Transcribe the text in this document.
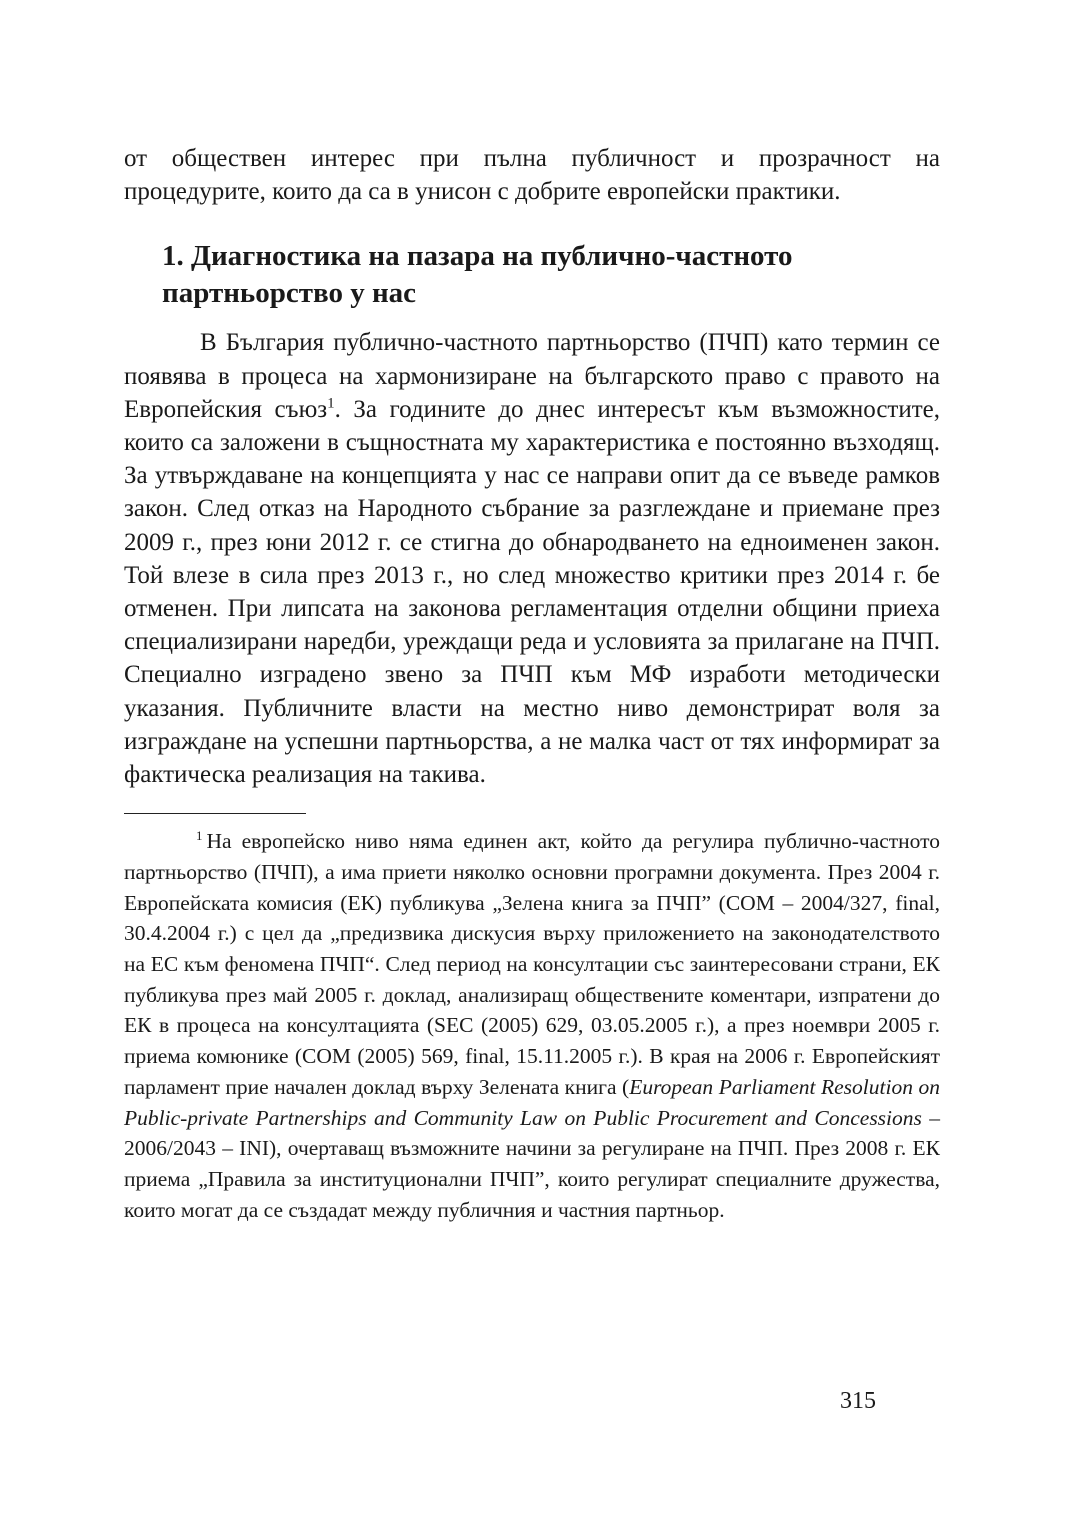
от обществен интерес при пълна публичност и прозрачност на процедурите, които да са в унисон с добрите европейски практики.

1. Диагностика на пазара на публично-частното партньорство у нас

В България публично-частното партньорство (ПЧП) като термин се появява в процеса на хармонизиране на българското право с правото на Европейския съюз$^1$. За годините до днес интересът към възможностите, които са заложени в същностната му характеристика е постоянно възходящ. За утвърждаване на концепцията у нас се направи опит да се въведе рамков закон. След отказ на Народното събрание за разглеждане и приемане през 2009 г., през юни 2012 г. се стигна до обнародването на едноименен закон. Той влезе в сила през 2013 г., но след множество критики през 2014 г. бе отменен. При липсата на законова регламентация отделни общини приеха специализирани наредби, уреждащи реда и условията за прилагане на ПЧП. Специално изградено звено за ПЧП към МФ изработи методически указания. Публичните власти на местно ниво демонстрират воля за изграждане на успешни партньорства, а не малка част от тях информират за фактическа реализация на такива.

$^1$ На европейско ниво няма единен акт, който да регулира публично-частното партньорство (ПЧП), а има приети няколко основни програмни документа. През 2004 г. Европейската комисия (ЕК) публикува „Зелена книга за ПЧП” (COM – 2004/327, final, 30.4.2004 г.) с цел да „предизвика дискусия върху приложението на законодателството на ЕС към феномена ПЧП“. След период на консултации със заинтересовани страни, ЕК публикува през май 2005 г. доклад, анализиращ обществените коментари, изпратени до ЕК в процеса на консултацията (SEC (2005) 629, 03.05.2005 г.), а през ноември 2005 г. приема комюнике (COM (2005) 569, final, 15.11.2005 г.). В края на 2006 г. Европейският парламент прие начален доклад върху Зелената книга (European Parliament Resolution on Public-private Partnerships and Community Law on Public Procurement and Concessions – 2006/2043 – INI), очертаващ възможните начини за регулиране на ПЧП. През 2008 г. ЕК приема „Правила за институционални ПЧП”, които регулират специалните дружества, които могат да се създадат между публичния и частния партньор.

315
